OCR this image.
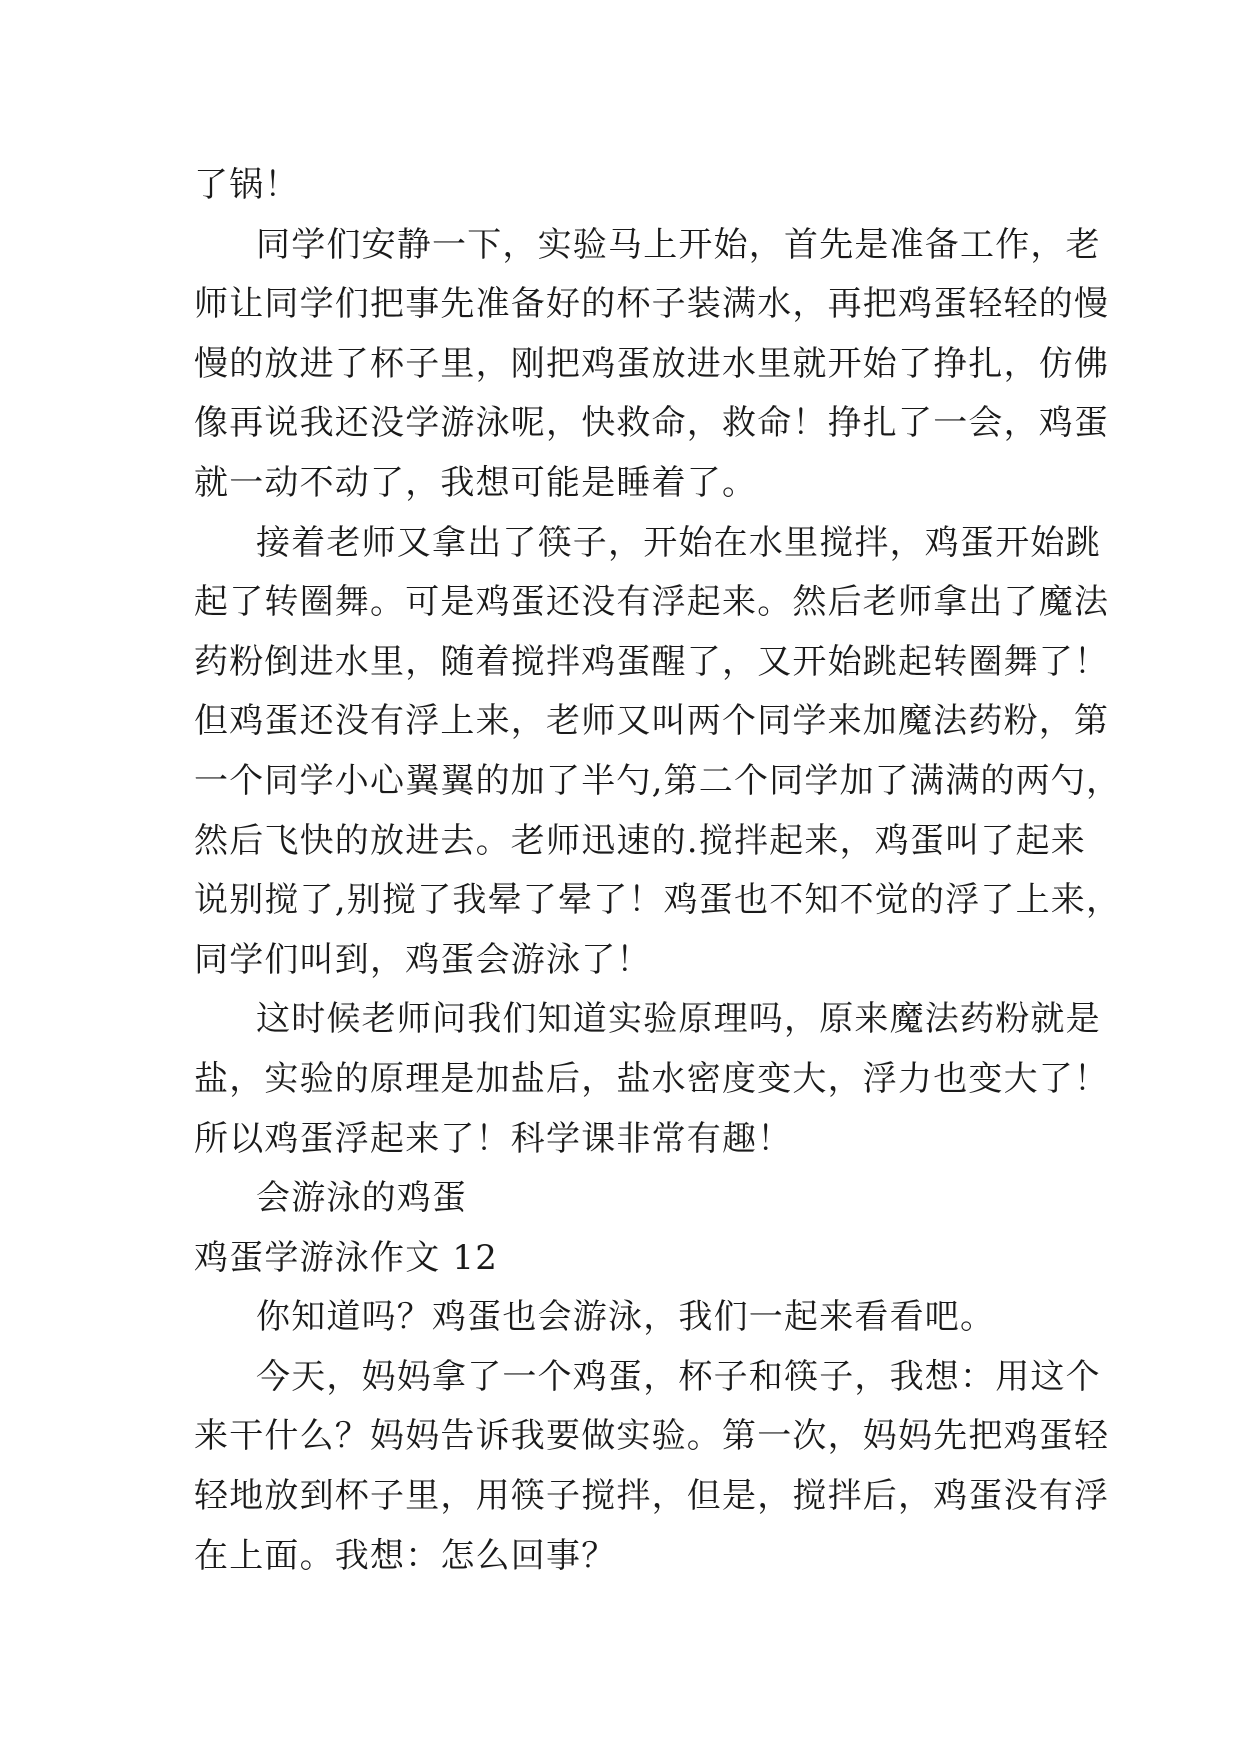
了锅！
同学们安静一下，实验马上开始，首先是准备工作，老
师让同学们把事先准备好的杯子装满水，再把鸡蛋轻轻的慢
慢的放进了杯子里，刚把鸡蛋放进水里就开始了挣扎，仿佛
像再说我还没学游泳呢，快救命，救命！挣扎了一会，鸡蛋
就一动不动了，我想可能是睡着了。
接着老师又拿出了筷子，开始在水里搅拌，鸡蛋开始跳
起了转圈舞。可是鸡蛋还没有浮起来。然后老师拿出了魔法
药粉倒进水里，随着搅拌鸡蛋醒了，又开始跳起转圈舞了！
但鸡蛋还没有浮上来，老师又叫两个同学来加魔法药粉，第
一个同学小心翼翼的加了半勺,第二个同学加了满满的两勺，
然后飞快的放进去。老师迅速的.搅拌起来，鸡蛋叫了起来
说别搅了,别搅了我晕了晕了！鸡蛋也不知不觉的浮了上来，
同学们叫到，鸡蛋会游泳了！
这时候老师问我们知道实验原理吗，原来魔法药粉就是
盐，实验的原理是加盐后，盐水密度变大，浮力也变大了！
所以鸡蛋浮起来了！科学课非常有趣！
会游泳的鸡蛋
鸡蛋学游泳作文 12
你知道吗？鸡蛋也会游泳，我们一起来看看吧。
今天，妈妈拿了一个鸡蛋，杯子和筷子，我想：用这个
来干什么？妈妈告诉我要做实验。第一次，妈妈先把鸡蛋轻
轻地放到杯子里，用筷子搅拌，但是，搅拌后，鸡蛋没有浮
在上面。我想：怎么回事？
